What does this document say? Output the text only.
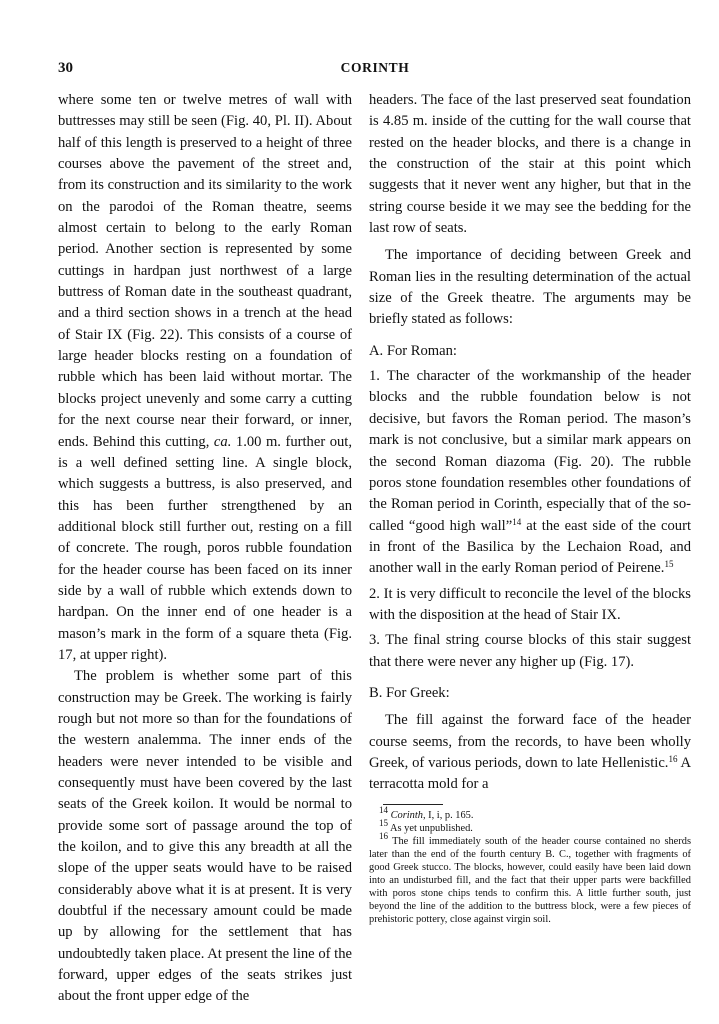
30	CORINTH

where some ten or twelve metres of wall with buttresses may still be seen (Fig. 40, Pl. II). About half of this length is preserved to a height of three courses above the pavement of the street and, from its construction and its similarity to the work on the parodoi of the Roman theatre, seems almost certain to belong to the early Roman period. Another section is represented by some cuttings in hardpan just northwest of a large buttress of Roman date in the southeast quadrant, and a third section shows in a trench at the head of Stair IX (Fig. 22). This consists of a course of large header blocks resting on a foundation of rubble which has been laid without mortar. The blocks project unevenly and some carry a cutting for the next course near their forward, or inner, ends. Behind this cutting, ca. 1.00 m. further out, is a well defined setting line. A single block, which suggests a buttress, is also preserved, and this has been further strengthened by an additional block still further out, resting on a fill of concrete. The rough, poros rubble foundation for the header course has been faced on its inner side by a wall of rubble which extends down to hardpan. On the inner end of one header is a mason’s mark in the form of a square theta (Fig. 17, at upper right).

The problem is whether some part of this construction may be Greek. The working is fairly rough but not more so than for the foundations of the western analemma. The inner ends of the headers were never intended to be visible and consequently must have been covered by the last seats of the Greek koilon. It would be normal to provide some sort of passage around the top of the koilon, and to give this any breadth at all the slope of the upper seats would have to be raised considerably above what it is at present. It is very doubtful if the necessary amount could be made up by allowing for the settlement that has undoubtedly taken place. At present the line of the forward, upper edges of the seats strikes just about the front upper edge of the

headers. The face of the last preserved seat foundation is 4.85 m. inside of the cutting for the wall course that rested on the header blocks, and there is a change in the construction of the stair at this point which suggests that it never went any higher, but that in the string course beside it we may see the bedding for the last row of seats.

The importance of deciding between Greek and Roman lies in the resulting determination of the actual size of the Greek theatre. The arguments may be briefly stated as follows:

A. For Roman:

1. The character of the workmanship of the header blocks and the rubble foundation below is not decisive, but favors the Roman period. The mason’s mark is not conclusive, but a similar mark appears on the second Roman diazoma (Fig. 20). The rubble poros stone foundation resembles other foundations of the Roman period in Corinth, especially that of the so-called “good high wall”$^{14}$ at the east side of the court in front of the Basilica by the Lechaion Road, and another wall in the early Roman period of Peirene.$^{15}$

2. It is very difficult to reconcile the level of the blocks with the disposition at the head of Stair IX.

3. The final string course blocks of this stair suggest that there were never any higher up (Fig. 17).

B. For Greek:

The fill against the forward face of the header course seems, from the records, to have been wholly Greek, of various periods, down to late Hellenistic.$^{16}$ A terracotta mold for a

$^{14}$ Corinth, I, i, p. 165.

$^{15}$ As yet unpublished.

$^{16}$ The fill immediately south of the header course contained no sherds later than the end of the fourth century B. C., together with fragments of good Greek stucco. The blocks, however, could easily have been laid down into an undisturbed fill, and the fact that their upper parts were backfilled with poros stone chips tends to confirm this. A little further south, just beyond the line of the addition to the buttress block, were a few pieces of prehistoric pottery, close against virgin soil.
